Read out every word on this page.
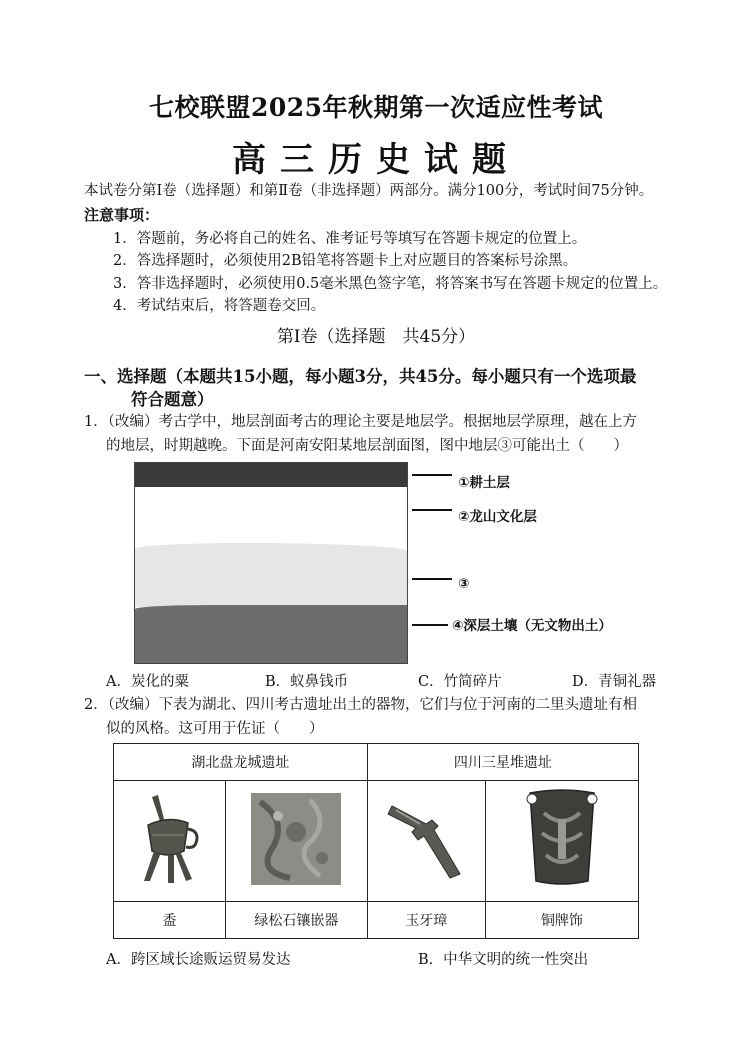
七校联盟2025年秋期第一次适应性考试
高三历史试题
本试卷分第Ⅰ卷（选择题）和第Ⅱ卷（非选择题）两部分。满分100分，考试时间75分钟。
注意事项：
1．答题前，务必将自己的姓名、准考证号等填写在答题卡规定的位置上。
2．答选择题时，必须使用2B铅笔将答题卡上对应题目的答案标号涂黑。
3．答非选择题时，必须使用0.5毫米黑色签字笔，将答案书写在答题卡规定的位置上。
4．考试结束后，将答题卷交回。
第Ⅰ卷（选择题　共45分）
一、选择题（本题共15小题，每小题3分，共45分。每小题只有一个选项最
符合题意）
1．（改编）考古学中，地层剖面考古的理论主要是地层学。根据地层学原理，越在上方
的地层，时期越晚。下面是河南安阳某地层剖面图，图中地层③可能出土（　　）
①耕土层
②龙山文化层
③
④深层土壤（无文物出土）
A．炭化的粟	B．蚁鼻钱币	C．竹简碎片	D．青铜礼器
2．（改编）下表为湖北、四川考古遗址出土的器物，它们与位于河南的二里头遗址有相
似的风格。这可用于佐证（　　）
湖北盘龙城遗址		四川三星堆遗址	

盉	绿松石镶嵌器	玉牙璋	铜牌饰
A．跨区域长途贩运贸易发达	B．中华文明的统一性突出
